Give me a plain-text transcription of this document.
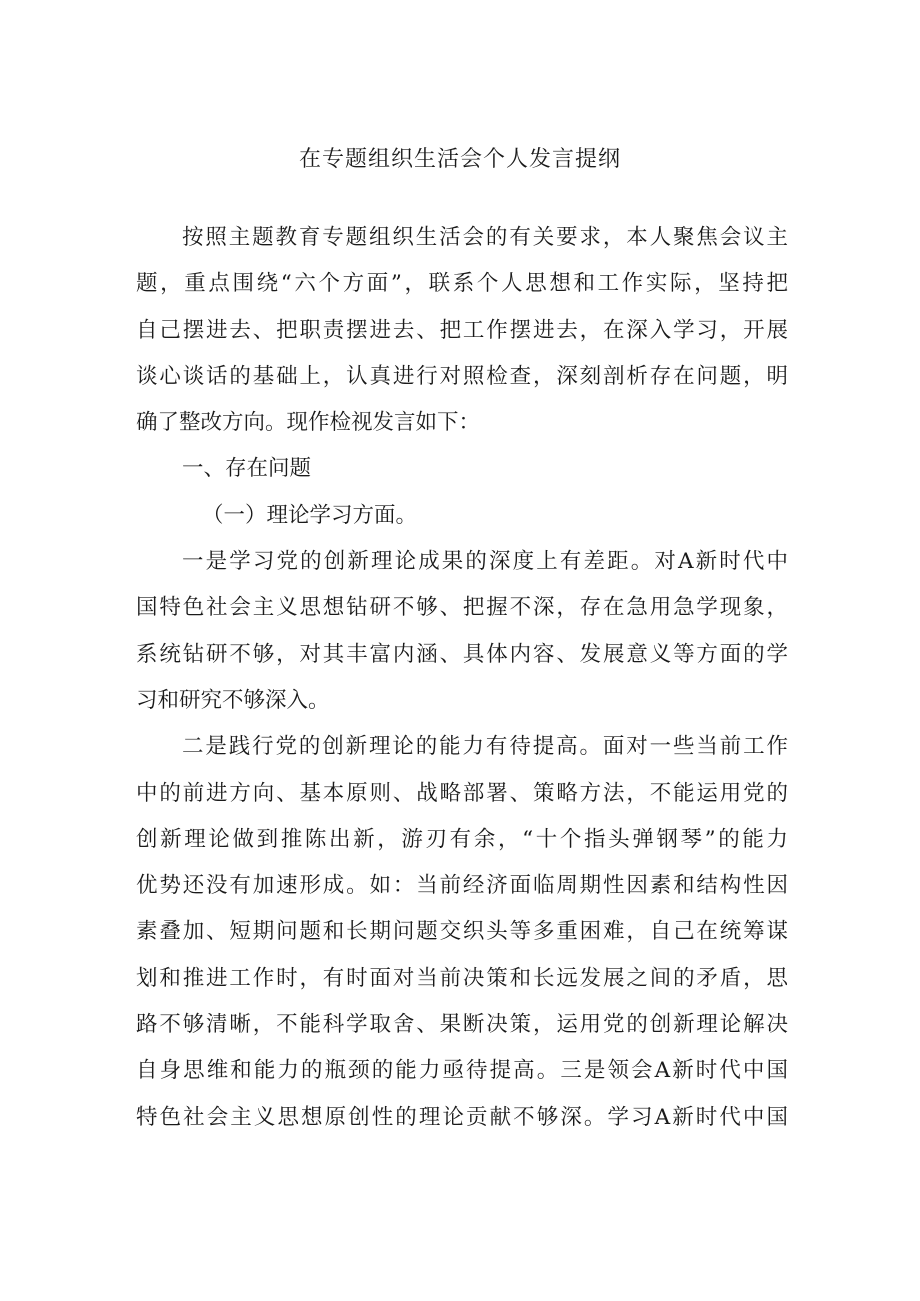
在专题组织生活会个人发言提纲
按照主题教育专题组织生活会的有关要求，本人聚焦会议主
题，重点围绕“六个方面”，联系个人思想和工作实际，坚持把
自己摆进去、把职责摆进去、把工作摆进去，在深入学习，开展
谈心谈话的基础上，认真进行对照检查，深刻剖析存在问题，明
确了整改方向。现作检视发言如下：
一、存在问题
（一）理论学习方面。
一是学习党的创新理论成果的深度上有差距。对A新时代中
国特色社会主义思想钻研不够、把握不深，存在急用急学现象，
系统钻研不够，对其丰富内涵、具体内容、发展意义等方面的学
习和研究不够深入。
二是践行党的创新理论的能力有待提高。面对一些当前工作
中的前进方向、基本原则、战略部署、策略方法，不能运用党的
创新理论做到推陈出新，游刃有余，“十个指头弹钢琴”的能力
优势还没有加速形成。如：当前经济面临周期性因素和结构性因
素叠加、短期问题和长期问题交织头等多重困难，自己在统筹谋
划和推进工作时，有时面对当前决策和长远发展之间的矛盾，思
路不够清晰，不能科学取舍、果断决策，运用党的创新理论解决
自身思维和能力的瓶颈的能力亟待提高。三是领会A新时代中国
特色社会主义思想原创性的理论贡献不够深。学习A新时代中国
